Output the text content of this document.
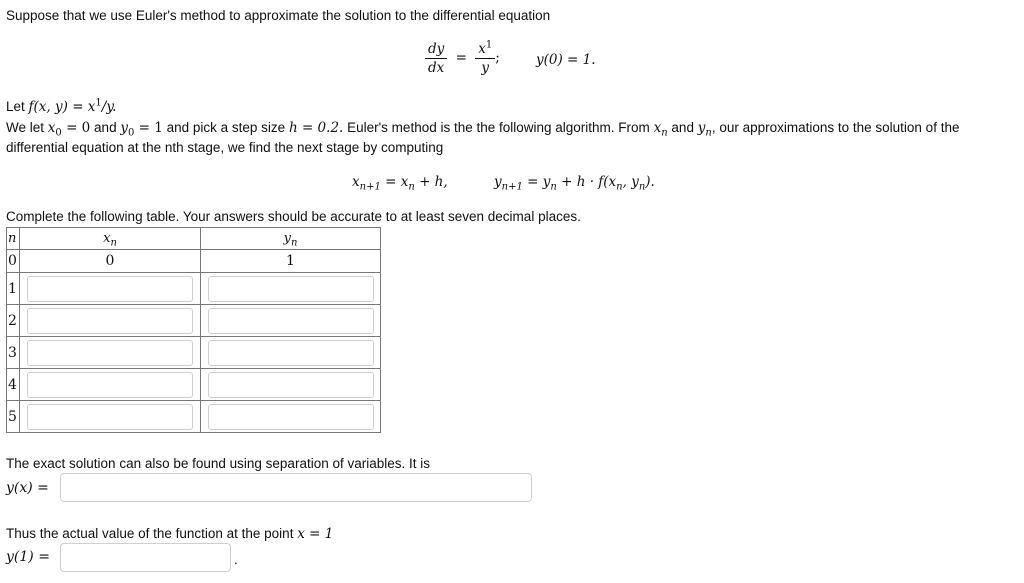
Suppose that we use Euler's method to approximate the solution to the differential equation
$\frac{dy}{dx} = \frac{x^1}{y}$ ;	y(0) = 1.
Let f(x, $y) = x^1/y$.
We let $x_0 = 0$ and $y_0 = 1$ and pick a step size h = 0.2. Euler's method is the the following algorithm. From $x_n$ and $y_n$, our approximations to the solution of the
differential equation at the nth stage, we find the next stage by computing
$x_{n+1} = x_n + h$,	$y_{n+1} = y_n + h \cdot f(x_n$, $y_n$).
Complete the following table. Your answers should be accurate to at least seven decimal places.
n	$x_n$	$y_n$
0	0	1
1	

2	

3	

4	

5	

The exact solution can also be found using separation of variables. It is
y(x) =
Thus the actual value of the function at the point x = 1
y(1) =	.
